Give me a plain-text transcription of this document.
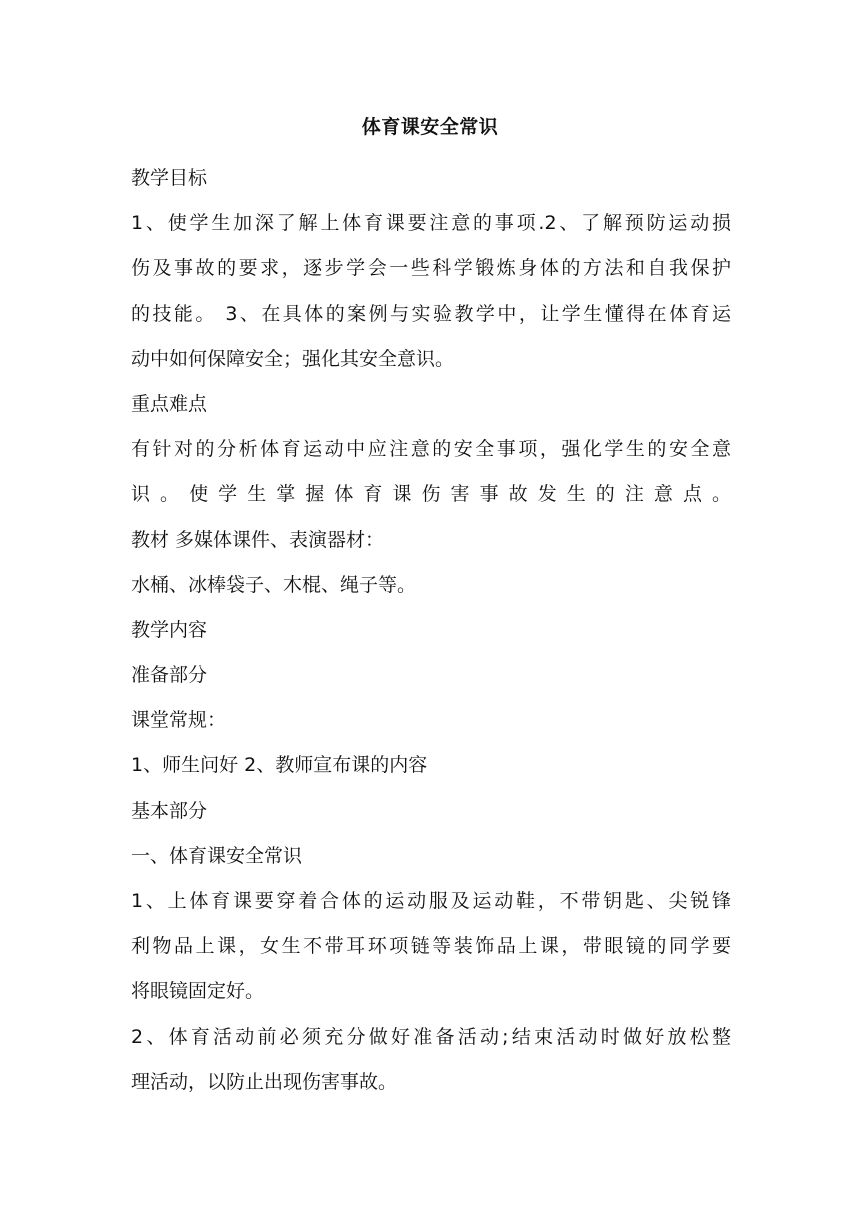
体育课安全常识
教学目标
1、使学生加深了解上体育课要注意的事项.2、了解预防运动损
伤及事故的要求，逐步学会一些科学锻炼身体的方法和自我保护
的技能。 3、在具体的案例与实验教学中，让学生懂得在体育运
动中如何保障安全；强化其安全意识。
重点难点
有针对的分析体育运动中应注意的安全事项，强化学生的安全意
识 。 使 学 生 掌 握 体 育 课 伤 害 事 故 发 生 的 注 意 点 。
教材 多媒体课件、表演器材：
水桶、冰棒袋子、木棍、绳子等。
教学内容
准备部分
课堂常规：
1、师生问好 2、教师宣布课的内容
基本部分
一、体育课安全常识
1、上体育课要穿着合体的运动服及运动鞋，不带钥匙、尖锐锋
利物品上课，女生不带耳环项链等装饰品上课，带眼镜的同学要
将眼镜固定好。
2、体育活动前必须充分做好准备活动;结束活动时做好放松整
理活动，以防止出现伤害事故。
